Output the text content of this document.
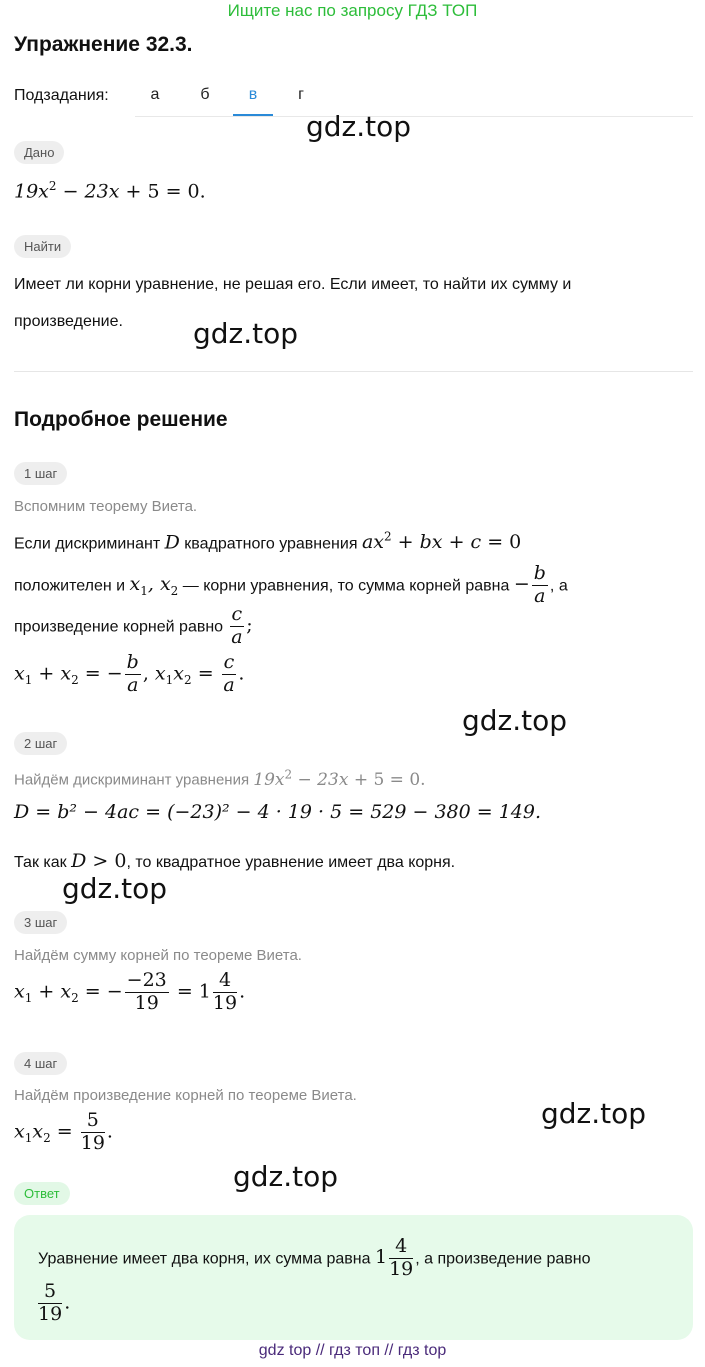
Ищите нас по запросу ГДЗ ТОП
Упражнение 32.3.
Подзадания:	а	б	в	г
gdz.top
Дано
$19x^2 - 23x + 5 = 0$.
Найти
Имеет ли корни уравнение, не решая его. Если имеет, то найти их сумму и
произведение.	gdz.top
Подробное решение
1 шаг
Вспомним теорему Виета.
Если дискриминант D квадратного уравнения $ax^2$ + bx + c = 0
положителен и $x_1$, $x_2$ — корни уравнения, то сумма корней равна − $\frac{b}{a}$ , а
произведение корней равно $\frac{c}{a}$ ;
$x_1 + x_2$ = − $\frac{b}{a}$ , $x_1x_2 = \frac{c}{a}$ .
gdz.top
2 шаг
Найдём дискриминант уравнения $19x^2 - 23x + 5 = 0$.
D = b² − 4ac = (−23)² − 4 · 19 · 5 = 529 − 380 = 149.
Так как D > 0, то квадратное уравнение имеет два корня.
gdz.top
3 шаг
Найдём сумму корней по теореме Виета.
$x_1 + x_2$ = − $\frac{-23}{19} = 1 \frac{4}{19}$ .
4 шаг
Найдём произведение корней по теореме Виета.
$x_1x_2 = \frac{5}{19}$ .
gdz.top
gdz.top
Ответ
Уравнение имеет два корня, их сумма равна $1 \frac{4}{19}$ , а произведение равно
$\frac{5}{19}$ .
gdz top // гдз топ // гдз top
